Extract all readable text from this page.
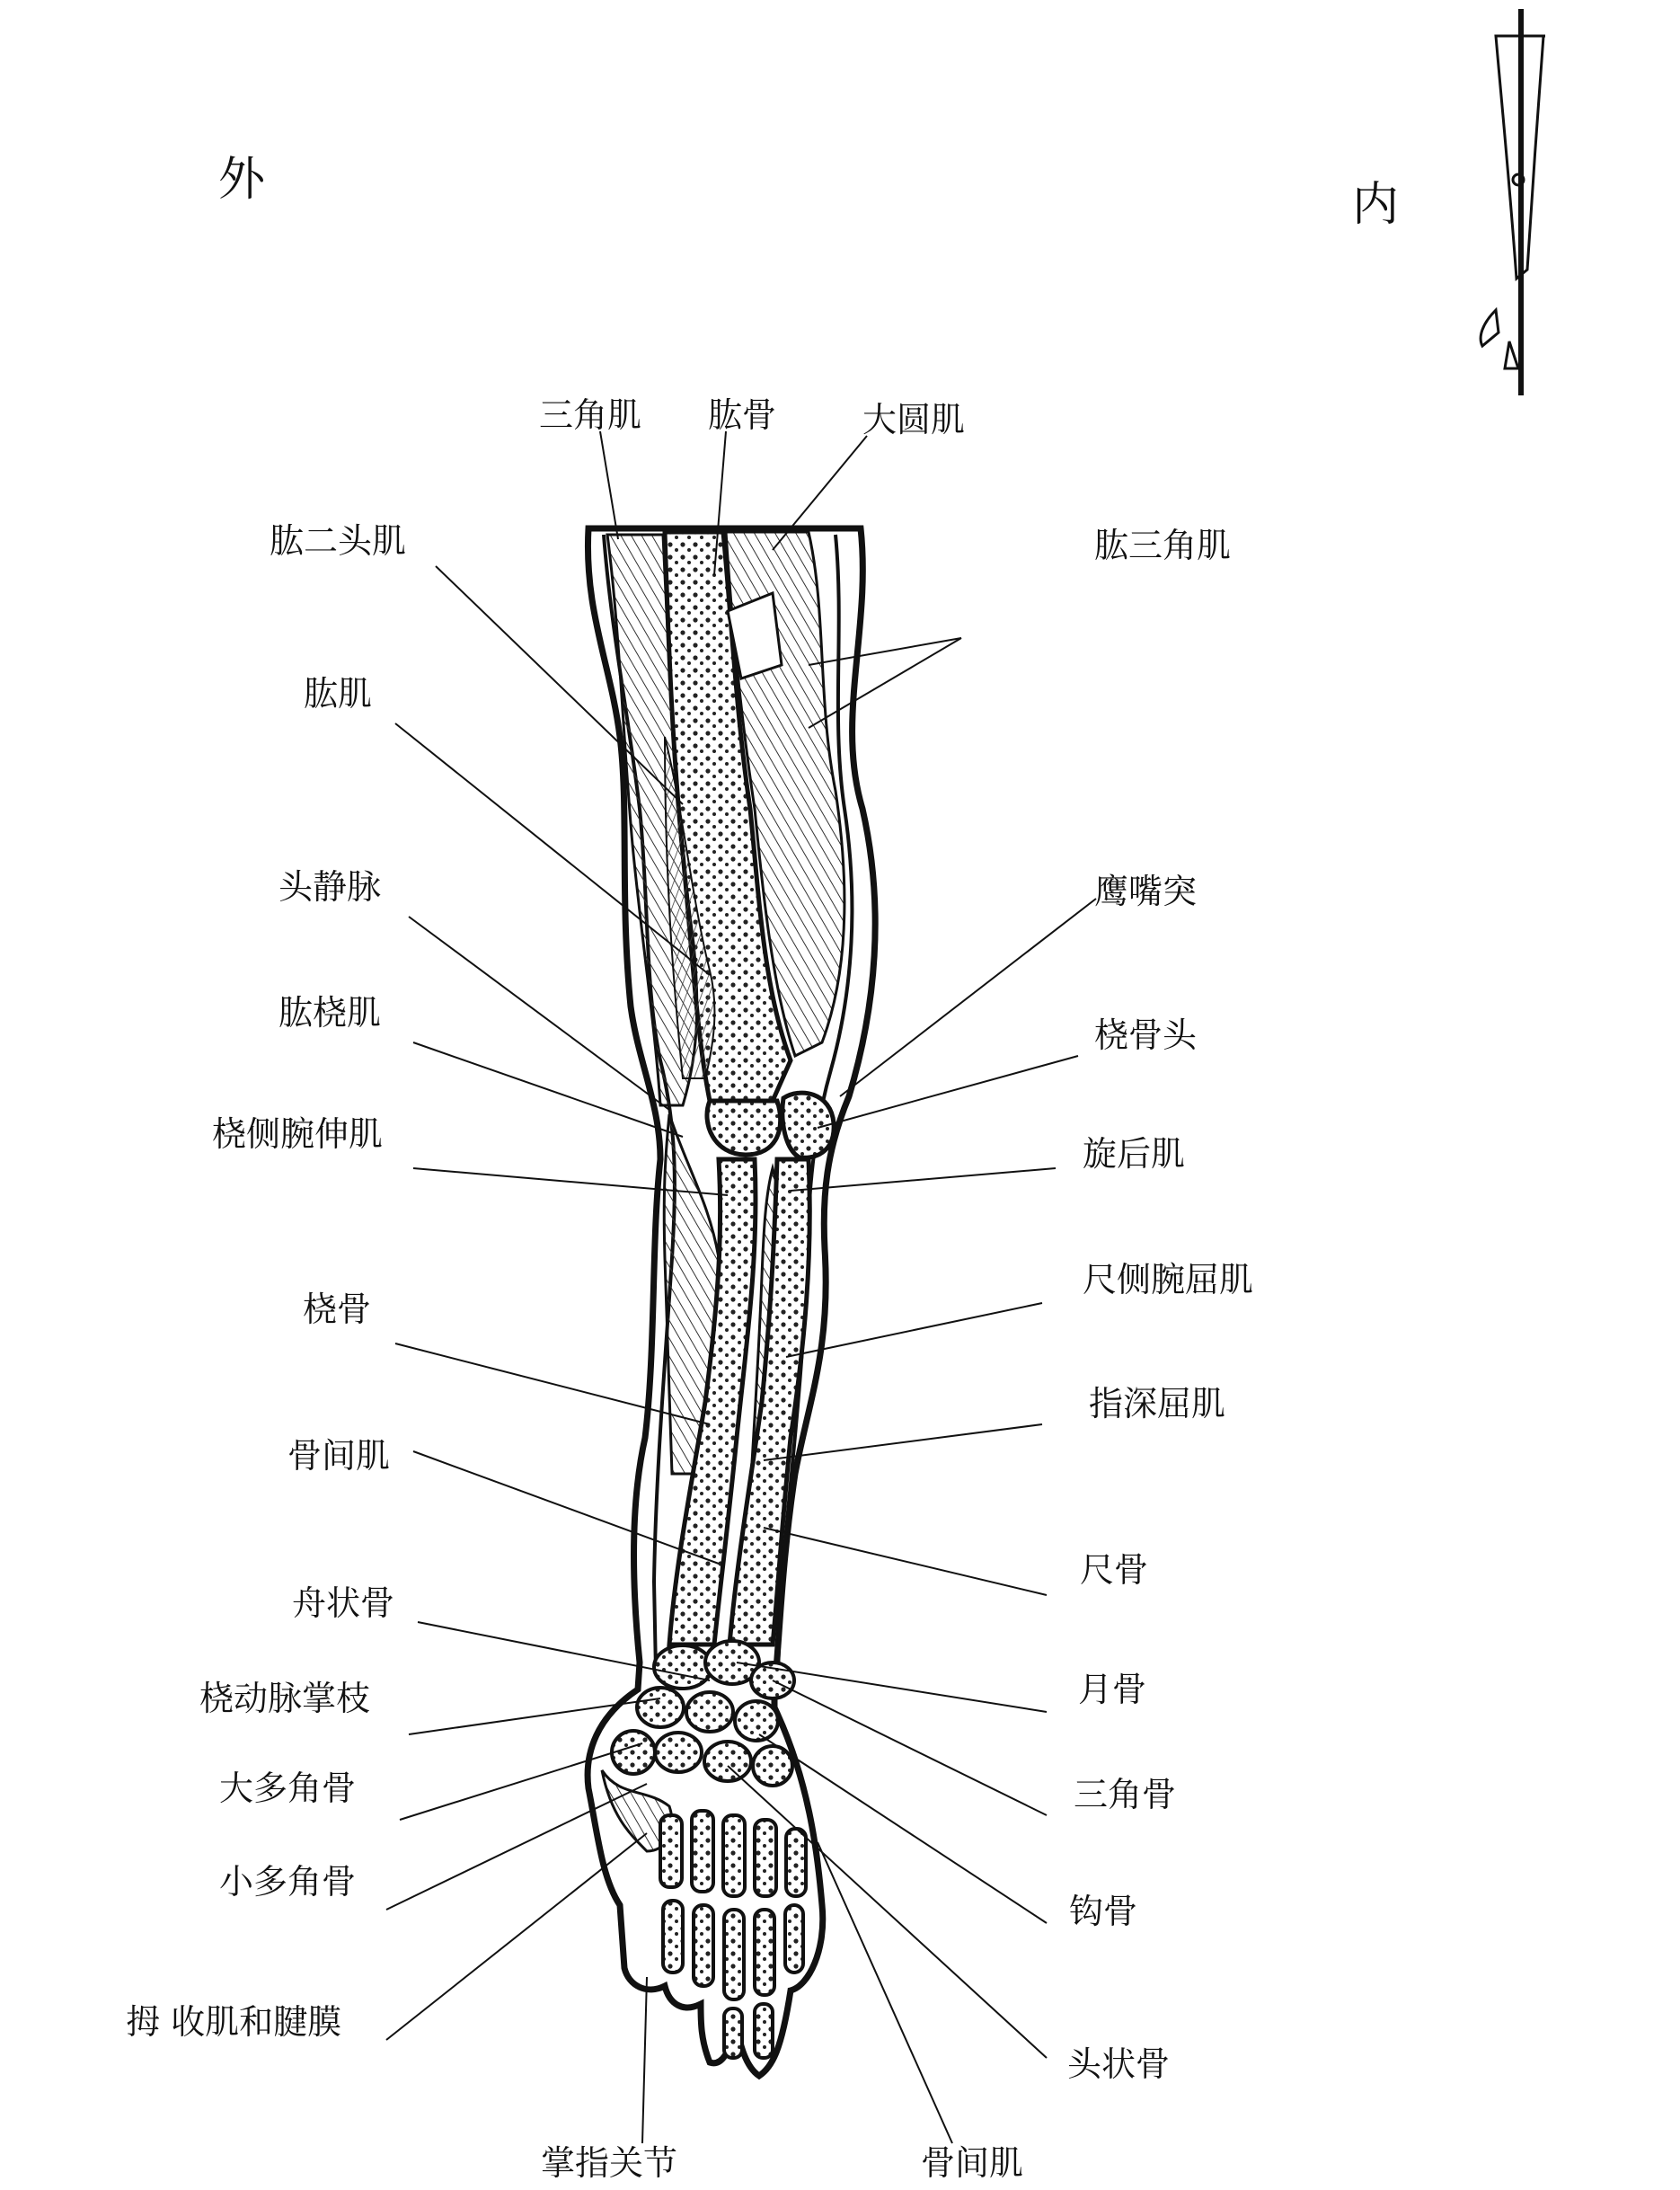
外	内
三角肌 肱骨	大圆肌
肱二头肌	肱三角肌
肱肌
头静脉	鹰嘴突
肱桡肌
桡骨头
桡侧腕伸肌	旋后肌
尺侧腕屈肌
桡骨
指深屈肌
骨间肌
尺骨
舟状骨
月骨
桡动脉掌枝
大多角骨	三角骨
小多角骨
钩骨
拇 收肌和腱膜
头状骨
掌指关节	骨间肌
